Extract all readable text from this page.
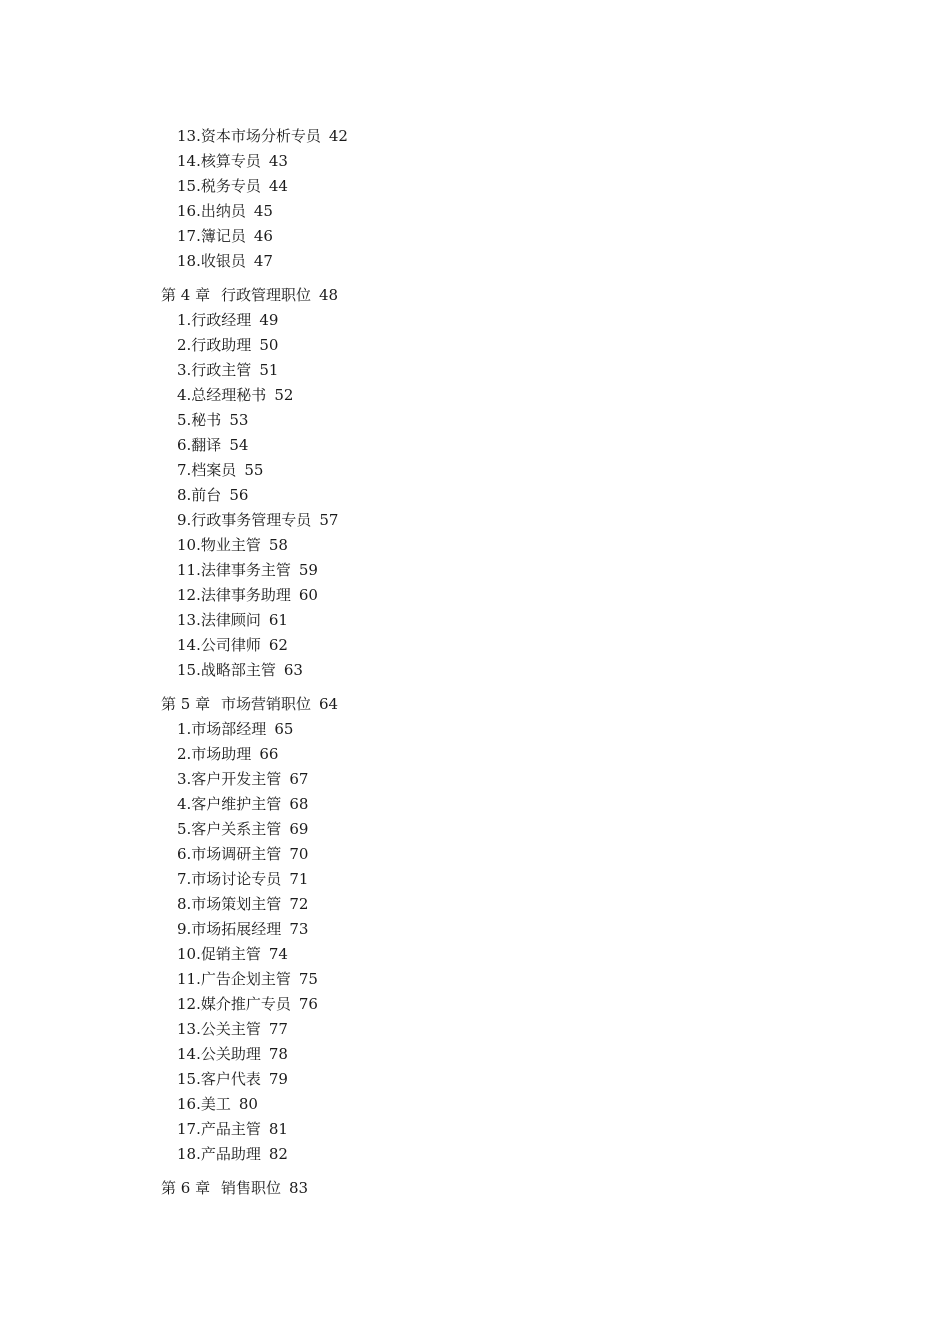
13.资本市场分析专员 42
14.核算专员 43
15.税务专员 44
16.出纳员 45
17.簿记员 46
18.收银员 47
第 4 章 行政管理职位 48
1.行政经理 49
2.行政助理 50
3.行政主管 51
4.总经理秘书 52
5.秘书 53
6.翻译 54
7.档案员 55
8.前台 56
9.行政事务管理专员 57
10.物业主管 58
11.法律事务主管 59
12.法律事务助理 60
13.法律顾问 61
14.公司律师 62
15.战略部主管 63
第 5 章 市场营销职位 64
1.市场部经理 65
2.市场助理 66
3.客户开发主管 67
4.客户维护主管 68
5.客户关系主管 69
6.市场调研主管 70
7.市场讨论专员 71
8.市场策划主管 72
9.市场拓展经理 73
10.促销主管 74
11.广告企划主管 75
12.媒介推广专员 76
13.公关主管 77
14.公关助理 78
15.客户代表 79
16.美工 80
17.产品主管 81
18.产品助理 82
第 6 章 销售职位 83
